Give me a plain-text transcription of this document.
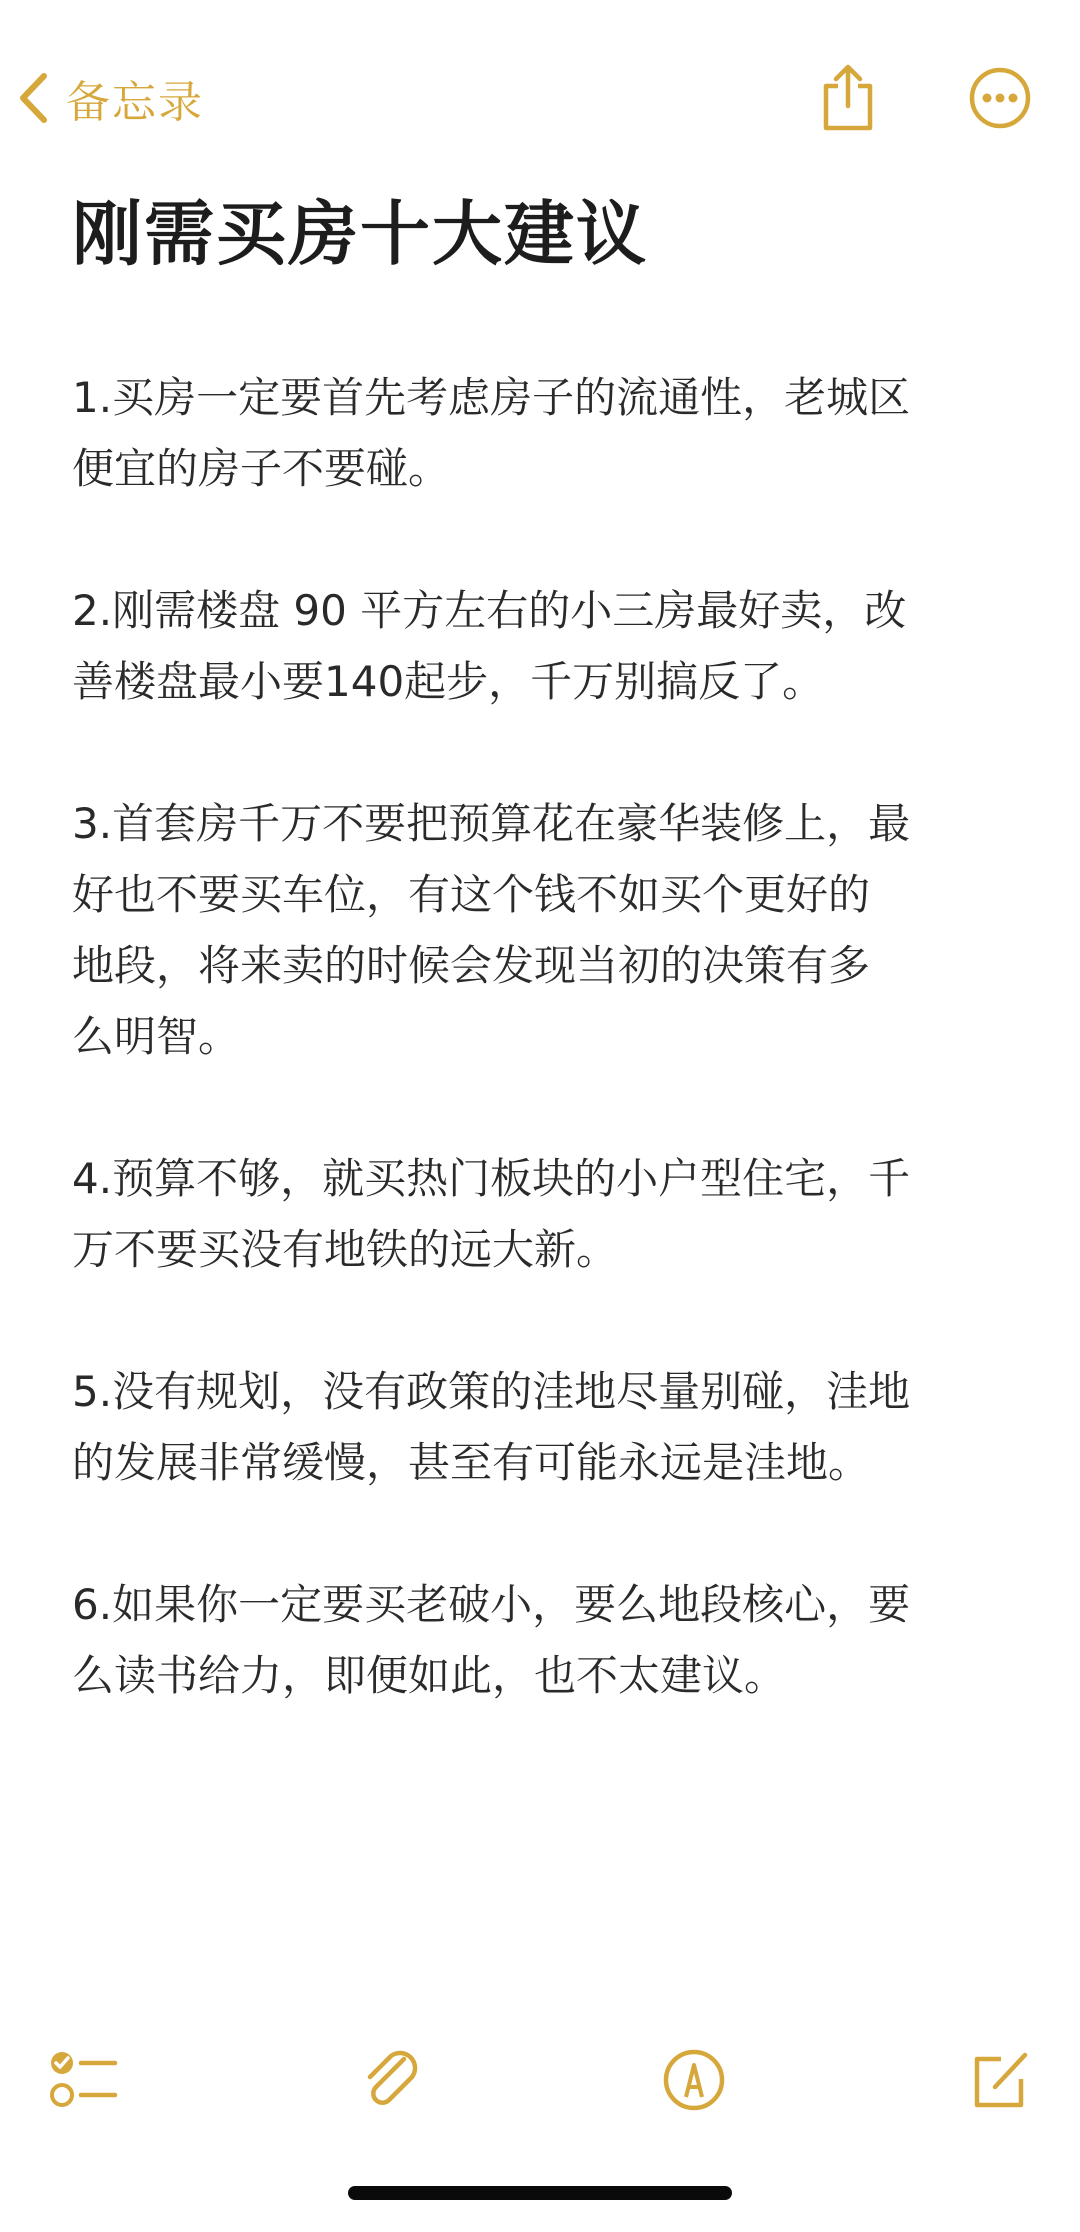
备忘录
刚需买房十大建议

1.买房一定要首先考虑房子的流通性，老城区
便宜的房子不要碰。

2.刚需楼盘 90 平方左右的小三房最好卖，改
善楼盘最小要140起步，千万别搞反了。

3.首套房千万不要把预算花在豪华装修上，最
好也不要买车位，有这个钱不如买个更好的
地段，将来卖的时候会发现当初的决策有多
么明智。

4.预算不够，就买热门板块的小户型住宅，千
万不要买没有地铁的远大新。

5.没有规划，没有政策的洼地尽量别碰，洼地
的发展非常缓慢，甚至有可能永远是洼地。

6.如果你一定要买老破小，要么地段核心，要
么读书给力，即便如此，也不太建议。
